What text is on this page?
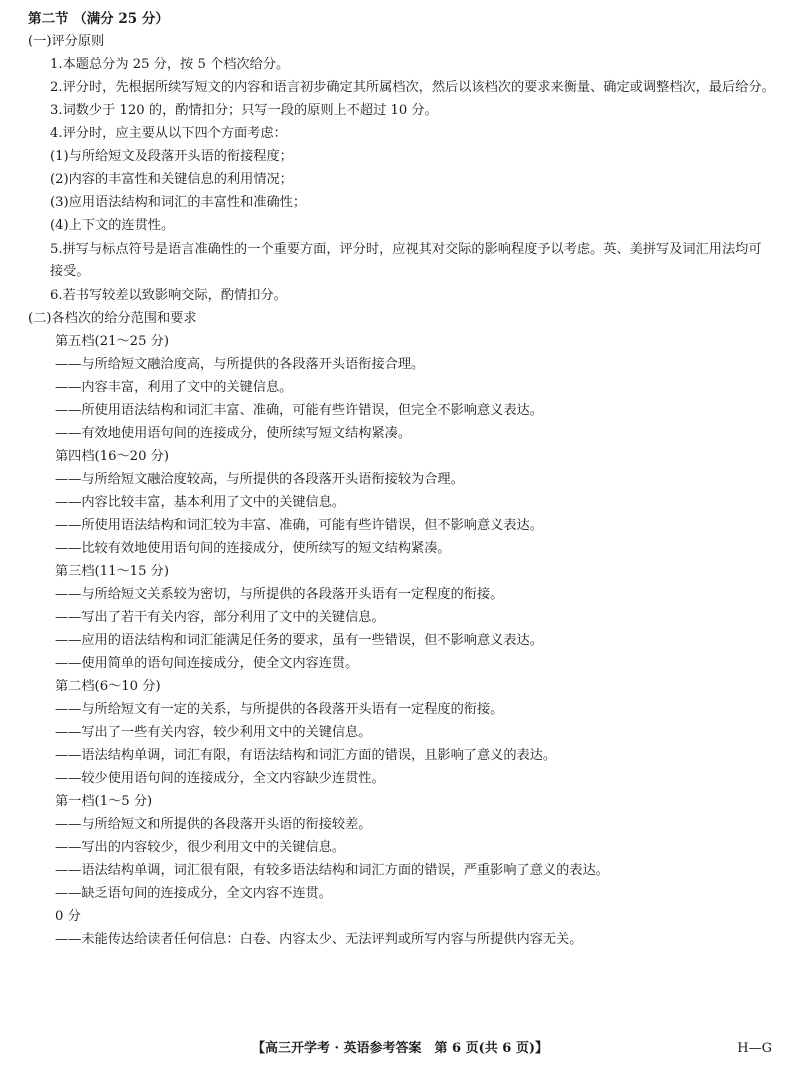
第二节 （满分 25 分）
(一)评分原则
1.本题总分为 25 分，按 5 个档次给分。
2.评分时，先根据所续写短文的内容和语言初步确定其所属档次，然后以该档次的要求来衡量、确定或调整档次，最后给分。
3.词数少于 120 的，酌情扣分；只写一段的原则上不超过 10 分。
4.评分时，应主要从以下四个方面考虑：
(1)与所给短文及段落开头语的衔接程度；
(2)内容的丰富性和关键信息的利用情况；
(3)应用语法结构和词汇的丰富性和准确性；
(4)上下文的连贯性。
5.拼写与标点符号是语言准确性的一个重要方面，评分时，应视其对交际的影响程度予以考虑。英、美拼写及词汇用法均可接受。
6.若书写较差以致影响交际，酌情扣分。
(二)各档次的给分范围和要求
第五档(21～25 分)
——与所给短文融洽度高，与所提供的各段落开头语衔接合理。
——内容丰富，利用了文中的关键信息。
——所使用语法结构和词汇丰富、准确，可能有些许错误，但完全不影响意义表达。
——有效地使用语句间的连接成分，使所续写短文结构紧凑。
第四档(16～20 分)
——与所给短文融洽度较高，与所提供的各段落开头语衔接较为合理。
——内容比较丰富，基本利用了文中的关键信息。
——所使用语法结构和词汇较为丰富、准确，可能有些许错误，但不影响意义表达。
——比较有效地使用语句间的连接成分，使所续写的短文结构紧凑。
第三档(11～15 分)
——与所给短文关系较为密切，与所提供的各段落开头语有一定程度的衔接。
——写出了若干有关内容，部分利用了文中的关键信息。
——应用的语法结构和词汇能满足任务的要求，虽有一些错误，但不影响意义表达。
——使用简单的语句间连接成分，使全文内容连贯。
第二档(6～10 分)
——与所给短文有一定的关系，与所提供的各段落开头语有一定程度的衔接。
——写出了一些有关内容，较少利用文中的关键信息。
——语法结构单调，词汇有限，有语法结构和词汇方面的错误，且影响了意义的表达。
——较少使用语句间的连接成分，全文内容缺少连贯性。
第一档(1～5 分)
——与所给短文和所提供的各段落开头语的衔接较差。
——写出的内容较少，很少利用文中的关键信息。
——语法结构单调，词汇很有限，有较多语法结构和词汇方面的错误，严重影响了意义的表达。
——缺乏语句间的连接成分，全文内容不连贯。
0 分
——未能传达给读者任何信息：白卷、内容太少、无法评判或所写内容与所提供内容无关。
【高三开学考 · 英语参考答案　第 6 页(共 6 页)】	H—G
